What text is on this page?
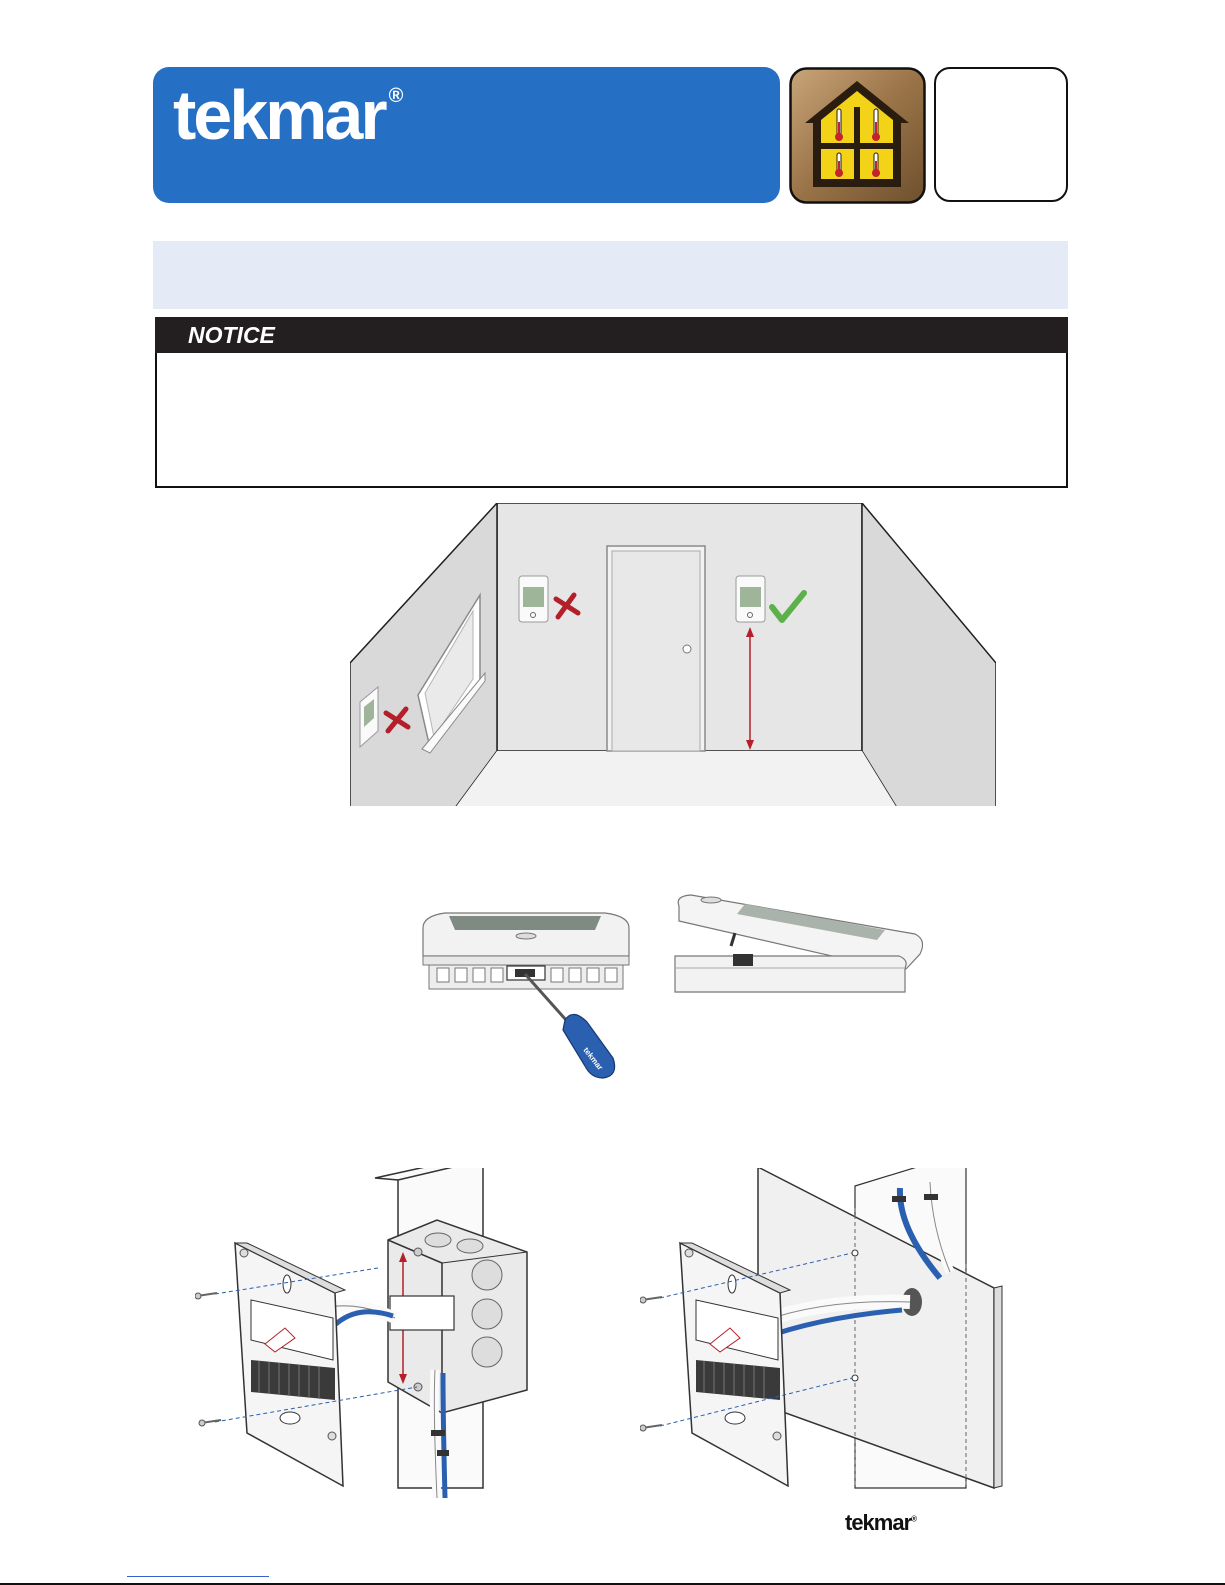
tekmar ®
NOTICE
tekmar
tekmar®
